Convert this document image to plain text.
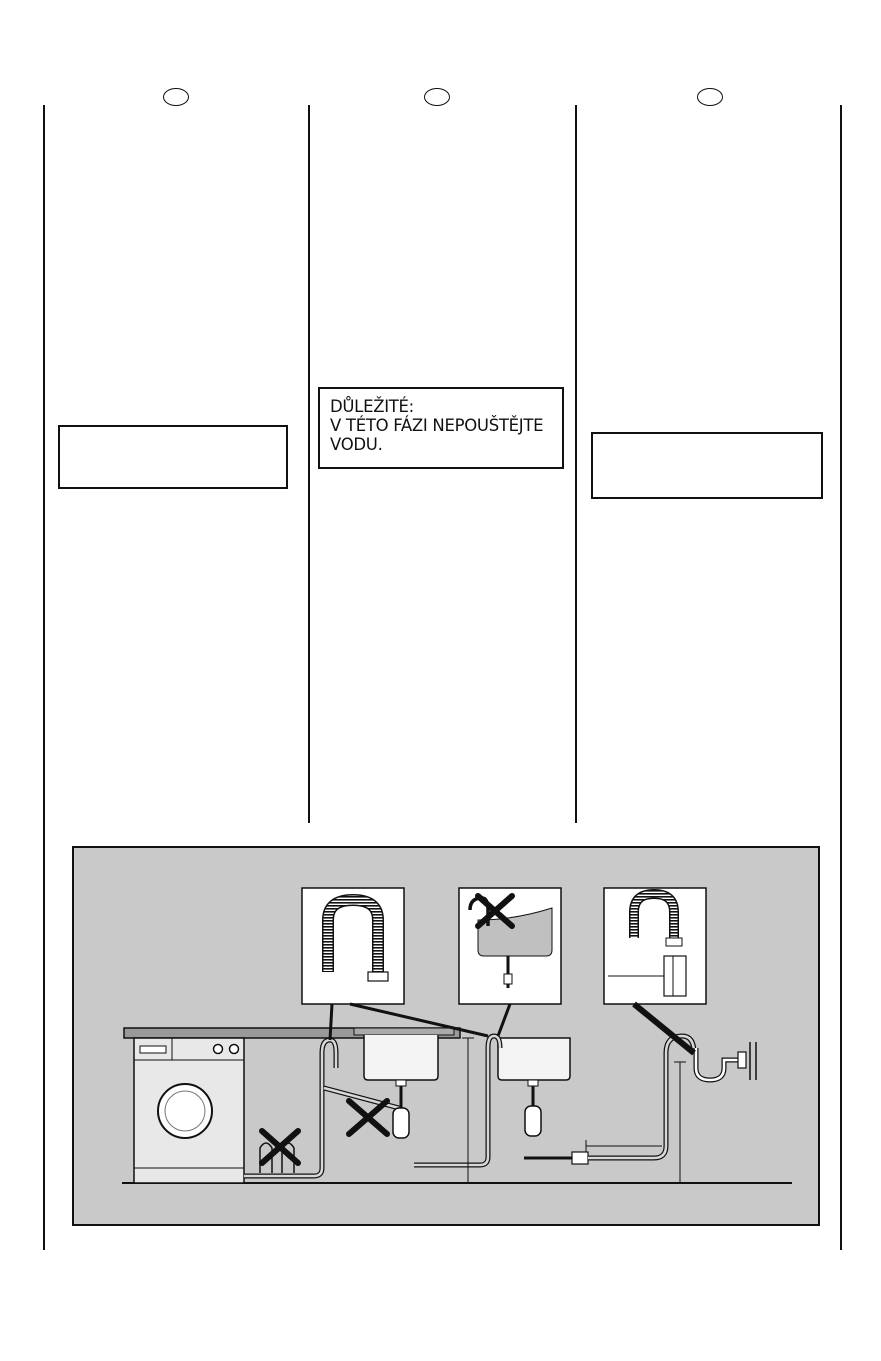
DŮLEŽITÉ:
V TÉTO FÁZI NEPOUŠTĚJTE
VODU.
